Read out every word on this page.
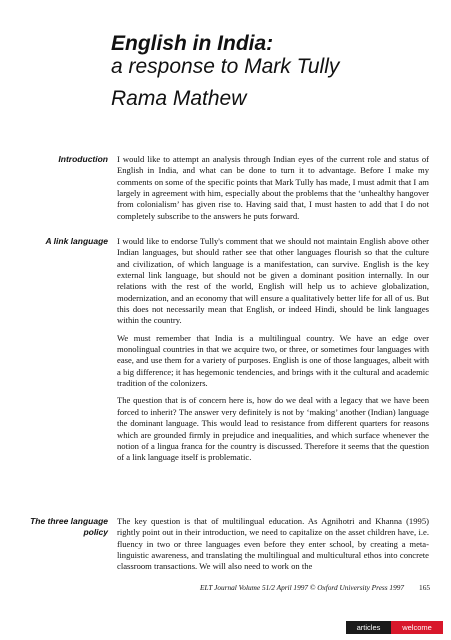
English in India:
a response to Mark Tully
Rama Mathew
Introduction I would like to attempt an analysis through Indian eyes of the current role and status of English in India, and what can be done to turn it to advantage. Before I make my comments on some of the specific points that Mark Tully has made, I must admit that I am largely in agreement with him, especially about the problems that the ‘unhealthy hangover from colonialism’ has given rise to. Having said that, I must hasten to add that I do not completely subscribe to the answers he puts forward.
A link language I would like to endorse Tully's comment that we should not maintain English above other Indian languages, but should rather see that other languages flourish so that the culture and civilization, of which language is a manifestation, can survive. English is the key external link language, but should not be given a dominant position internally. In our relations with the rest of the world, English will help us to achieve globalization, modernization, and an economy that will ensure a qualitatively better life for all of us. But this does not necessarily mean that English, or indeed Hindi, should be link languages within the country.
We must remember that India is a multilingual country. We have an edge over monolingual countries in that we acquire two, or three, or sometimes four languages with ease, and use them for a variety of purposes. English is one of those languages, albeit with a big difference; it has hegemonic tendencies, and brings with it the cultural and academic tradition of the colonizers.
The question that is of concern here is, how do we deal with a legacy that we have been forced to inherit? The answer very definitely is not by ‘making’ another (Indian) language the dominant language. This would lead to resistance from different quarters for reasons which are grounded firmly in prejudice and inequalities, and which surface whenever the notion of a lingua franca for the country is discussed. Therefore it seems that the question of a link language itself is problematic.
The three language policy
The key question is that of multilingual education. As Agnihotri and Khanna (1995) rightly point out in their introduction, we need to capitalize on the asset children have, i.e. fluency in two or three languages even before they enter school, by creating a meta-linguistic awareness, and translating the multilingual and multicultural ethos into concrete classroom transactions. We will also need to work on the
ELT Journal Volume 51/2 April 1997 © Oxford University Press 1997 165
articles	welcome
